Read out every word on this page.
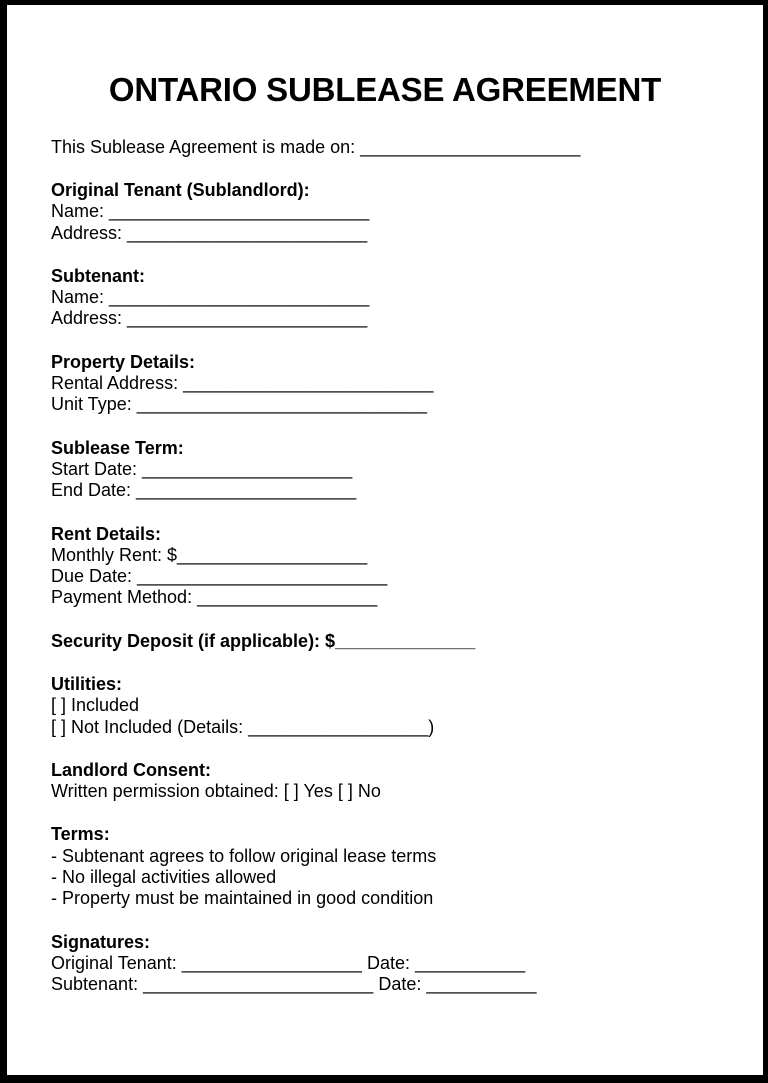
ONTARIO SUBLEASE AGREEMENT
This Sublease Agreement is made on: ______________________
Original Tenant (Sublandlord):
Name: __________________________
Address: ________________________
Subtenant:
Name: __________________________
Address: ________________________
Property Details:
Rental Address: _________________________
Unit Type: _____________________________
Sublease Term:
Start Date: _____________________
End Date: ______________________
Rent Details:
Monthly Rent: $___________________
Due Date: _________________________
Payment Method: __________________
Security Deposit (if applicable): $______________
Utilities:
[ ] Included
[ ] Not Included (Details: __________________)
Landlord Consent:
Written permission obtained: [ ] Yes [ ] No
Terms:
- Subtenant agrees to follow original lease terms
- No illegal activities allowed
- Property must be maintained in good condition
Signatures:
Original Tenant: __________________ Date: ___________
Subtenant: _______________________ Date: ___________
